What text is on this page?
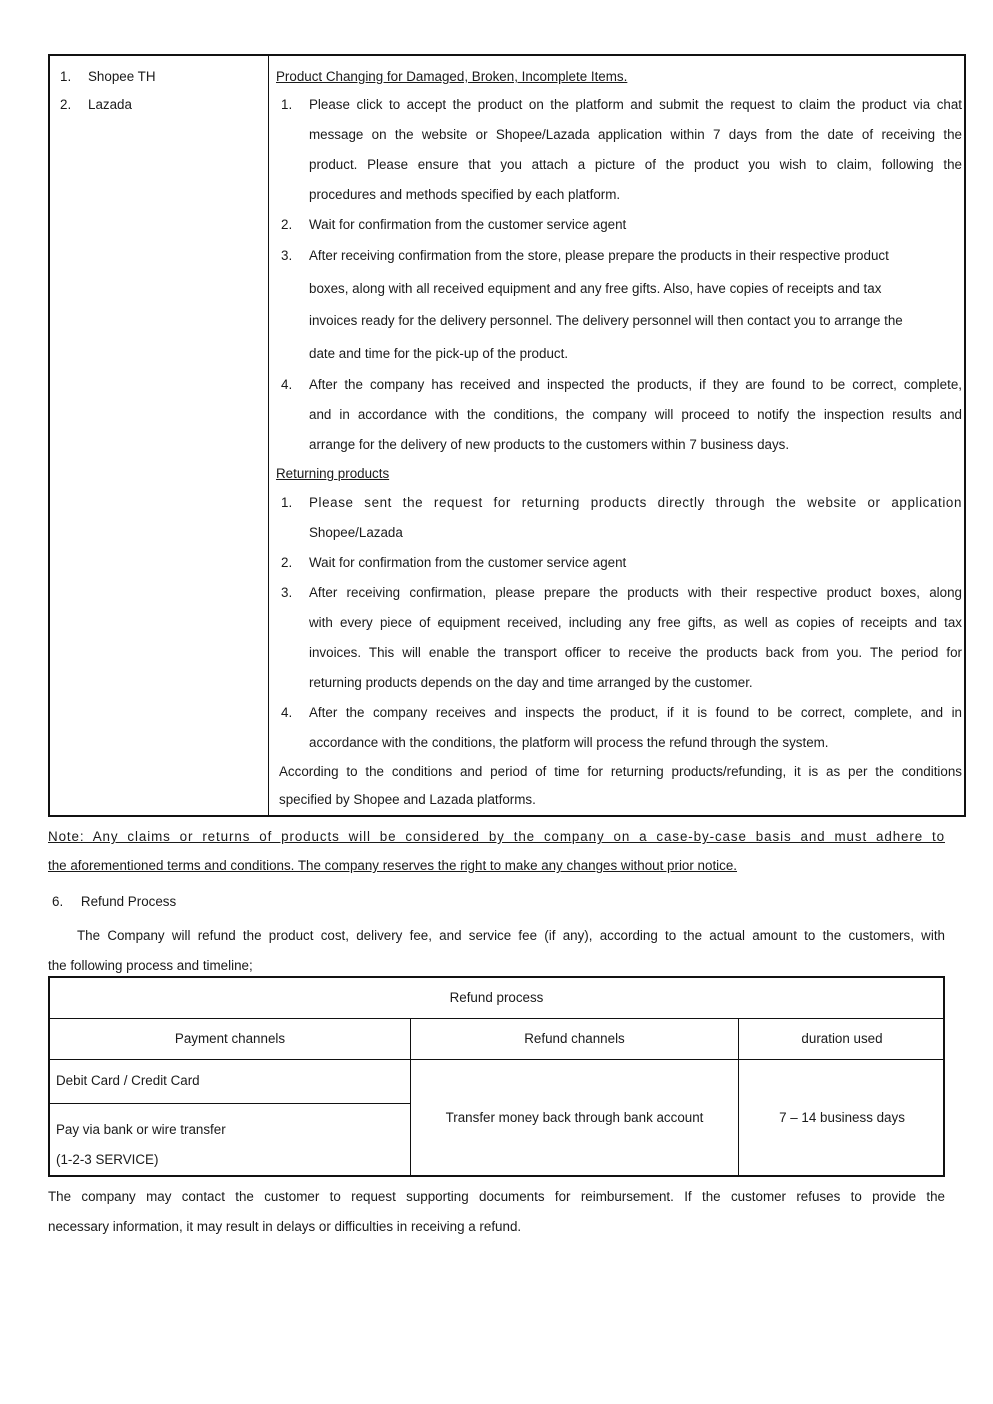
1. Shopee TH
2. Lazada
Product Changing for Damaged, Broken, Incomplete Items.
1.	Please click to accept the product on the platform and submit the request to claim the product via chat
message on the website or Shopee/Lazada application within 7 days from the date of receiving the
product. Please ensure that you attach a picture of the product you wish to claim, following the
procedures and methods specified by each platform.
2.	Wait for confirmation from the customer service agent
3.	After receiving confirmation from the store, please prepare the products in their respective product
boxes, along with all received equipment and any free gifts. Also, have copies of receipts and tax
invoices ready for the delivery personnel. The delivery personnel will then contact you to arrange the
date and time for the pick-up of the product.
4.	After the company has received and inspected the products, if they are found to be correct, complete,
and in accordance with the conditions, the company will proceed to notify the inspection results and
arrange for the delivery of new products to the customers within 7 business days.
Returning products
1.	Please sent the request for returning products directly through the website or application
Shopee/Lazada
2.	Wait for confirmation from the customer service agent
3.	After receiving confirmation, please prepare the products with their respective product boxes, along
with every piece of equipment received, including any free gifts, as well as copies of receipts and tax
invoices. This will enable the transport officer to receive the products back from you. The period for
returning products depends on the day and time arranged by the customer.
4.	After the company receives and inspects the product, if it is found to be correct, complete, and in
accordance with the conditions, the platform will process the refund through the system.
According to the conditions and period of time for returning products/refunding, it is as per the conditions
specified by Shopee and Lazada platforms.
Note: Any claims or returns of products will be considered by the company on a case-by-case basis and must adhere to
the aforementioned terms and conditions. The company reserves the right to make any changes without prior notice.
6. Refund Process
The Company will refund the product cost, delivery fee, and service fee (if any), according to the actual amount to the customers, with
the following process and timeline;
Refund process
Payment channels	Refund channels	duration used
Debit Card / Credit Card
Pay via bank or wire transfer
(1-2-3 SERVICE)
Transfer money back through bank account	7 – 14 business days
The company may contact the customer to request supporting documents for reimbursement. If the customer refuses to provide the
necessary information, it may result in delays or difficulties in receiving a refund.
